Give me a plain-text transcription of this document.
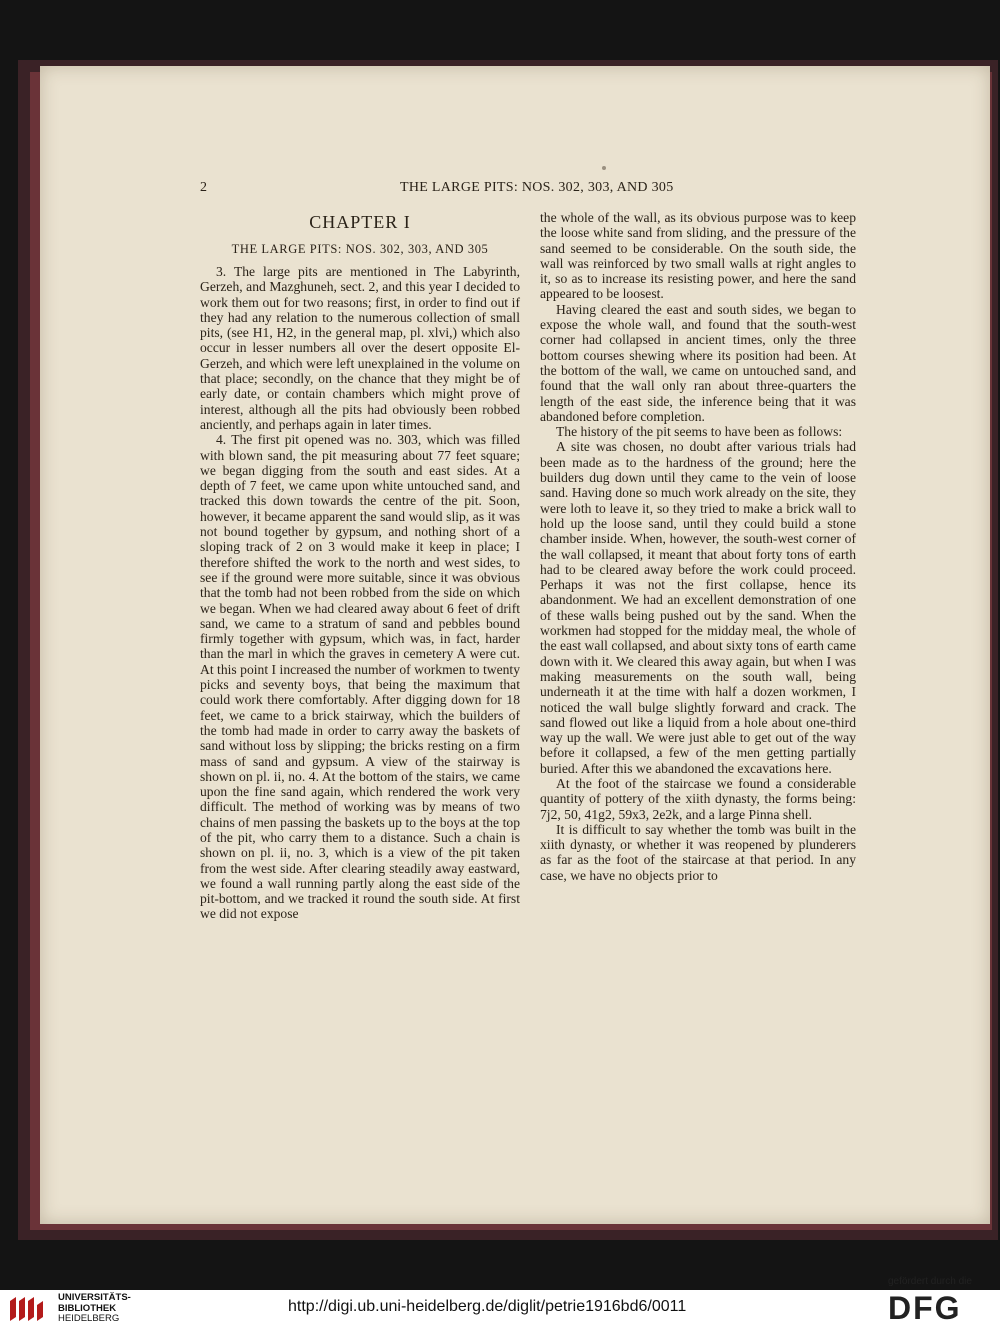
2	THE LARGE PITS: NOS. 302, 303, AND 305
CHAPTER I
THE LARGE PITS: NOS. 302, 303, AND 305

3. The large pits are mentioned in The Labyrinth, Gerzeh, and Mazghuneh, sect. 2, and this year I decided to work them out for two reasons; first, in order to find out if they had any relation to the numerous collection of small pits, (see H1, H2, in the general map, pl. xlvi,) which also occur in lesser numbers all over the desert opposite El-Gerzeh, and which were left unexplained in the volume on that place; secondly, on the chance that they might be of early date, or contain chambers which might prove of interest, although all the pits had obviously been robbed anciently, and perhaps again in later times.

4. The first pit opened was no. 303, which was filled with blown sand, the pit measuring about 77 feet square; we began digging from the south and east sides. At a depth of 7 feet, we came upon white untouched sand, and tracked this down towards the centre of the pit. Soon, however, it became apparent the sand would slip, as it was not bound together by gypsum, and nothing short of a sloping track of 2 on 3 would make it keep in place; I therefore shifted the work to the north and west sides, to see if the ground were more suitable, since it was obvious that the tomb had not been robbed from the side on which we began. When we had cleared away about 6 feet of drift sand, we came to a stratum of sand and pebbles bound firmly together with gypsum, which was, in fact, harder than the marl in which the graves in cemetery A were cut. At this point I increased the number of workmen to twenty picks and seventy boys, that being the maximum that could work there comfortably. After digging down for 18 feet, we came to a brick stairway, which the builders of the tomb had made in order to carry away the baskets of sand without loss by slipping; the bricks resting on a firm mass of sand and gypsum. A view of the stairway is shown on pl. ii, no. 4. At the bottom of the stairs, we came upon the fine sand again, which rendered the work very difficult. The method of working was by means of two chains of men passing the baskets up to the boys at the top of the pit, who carry them to a distance. Such a chain is shown on pl. ii, no. 3, which is a view of the pit taken from the west side. After clearing steadily away eastward, we found a wall running partly along the east side of the pit-bottom, and we tracked it round the south side. At first we did not expose

the whole of the wall, as its obvious purpose was to keep the loose white sand from sliding, and the pressure of the sand seemed to be considerable. On the south side, the wall was reinforced by two small walls at right angles to it, so as to increase its resisting power, and here the sand appeared to be loosest.

Having cleared the east and south sides, we began to expose the whole wall, and found that the south-west corner had collapsed in ancient times, only the three bottom courses shewing where its position had been. At the bottom of the wall, we came on untouched sand, and found that the wall only ran about three-quarters the length of the east side, the inference being that it was abandoned before completion.

The history of the pit seems to have been as follows:

A site was chosen, no doubt after various trials had been made as to the hardness of the ground; here the builders dug down until they came to the vein of loose sand. Having done so much work already on the site, they were loth to leave it, so they tried to make a brick wall to hold up the loose sand, until they could build a stone chamber inside. When, however, the south-west corner of the wall collapsed, it meant that about forty tons of earth had to be cleared away before the work could proceed. Perhaps it was not the first collapse, hence its abandonment. We had an excellent demonstration of one of these walls being pushed out by the sand. When the workmen had stopped for the midday meal, the whole of the east wall collapsed, and about sixty tons of earth came down with it. We cleared this away again, but when I was making measurements on the south wall, being underneath it at the time with half a dozen workmen, I noticed the wall bulge slightly forward and crack. The sand flowed out like a liquid from a hole about one-third way up the wall. We were just able to get out of the way before it collapsed, a few of the men getting partially buried. After this we abandoned the excavations here.

At the foot of the staircase we found a considerable quantity of pottery of the xiith dynasty, the forms being: 7j2, 50, 41g2, 59x3, 2e2k, and a large Pinna shell.

It is difficult to say whether the tomb was built in the xiith dynasty, or whether it was reopened by plunderers as far as the foot of the staircase at that period. In any case, we have no objects prior to

UNIVERSITÄTS-
BIBLIOTHEK
HEIDELBERG
http://digi.ub.uni-heidelberg.de/diglit/petrie1916bd6/0011
gefördert durch die
DFG
